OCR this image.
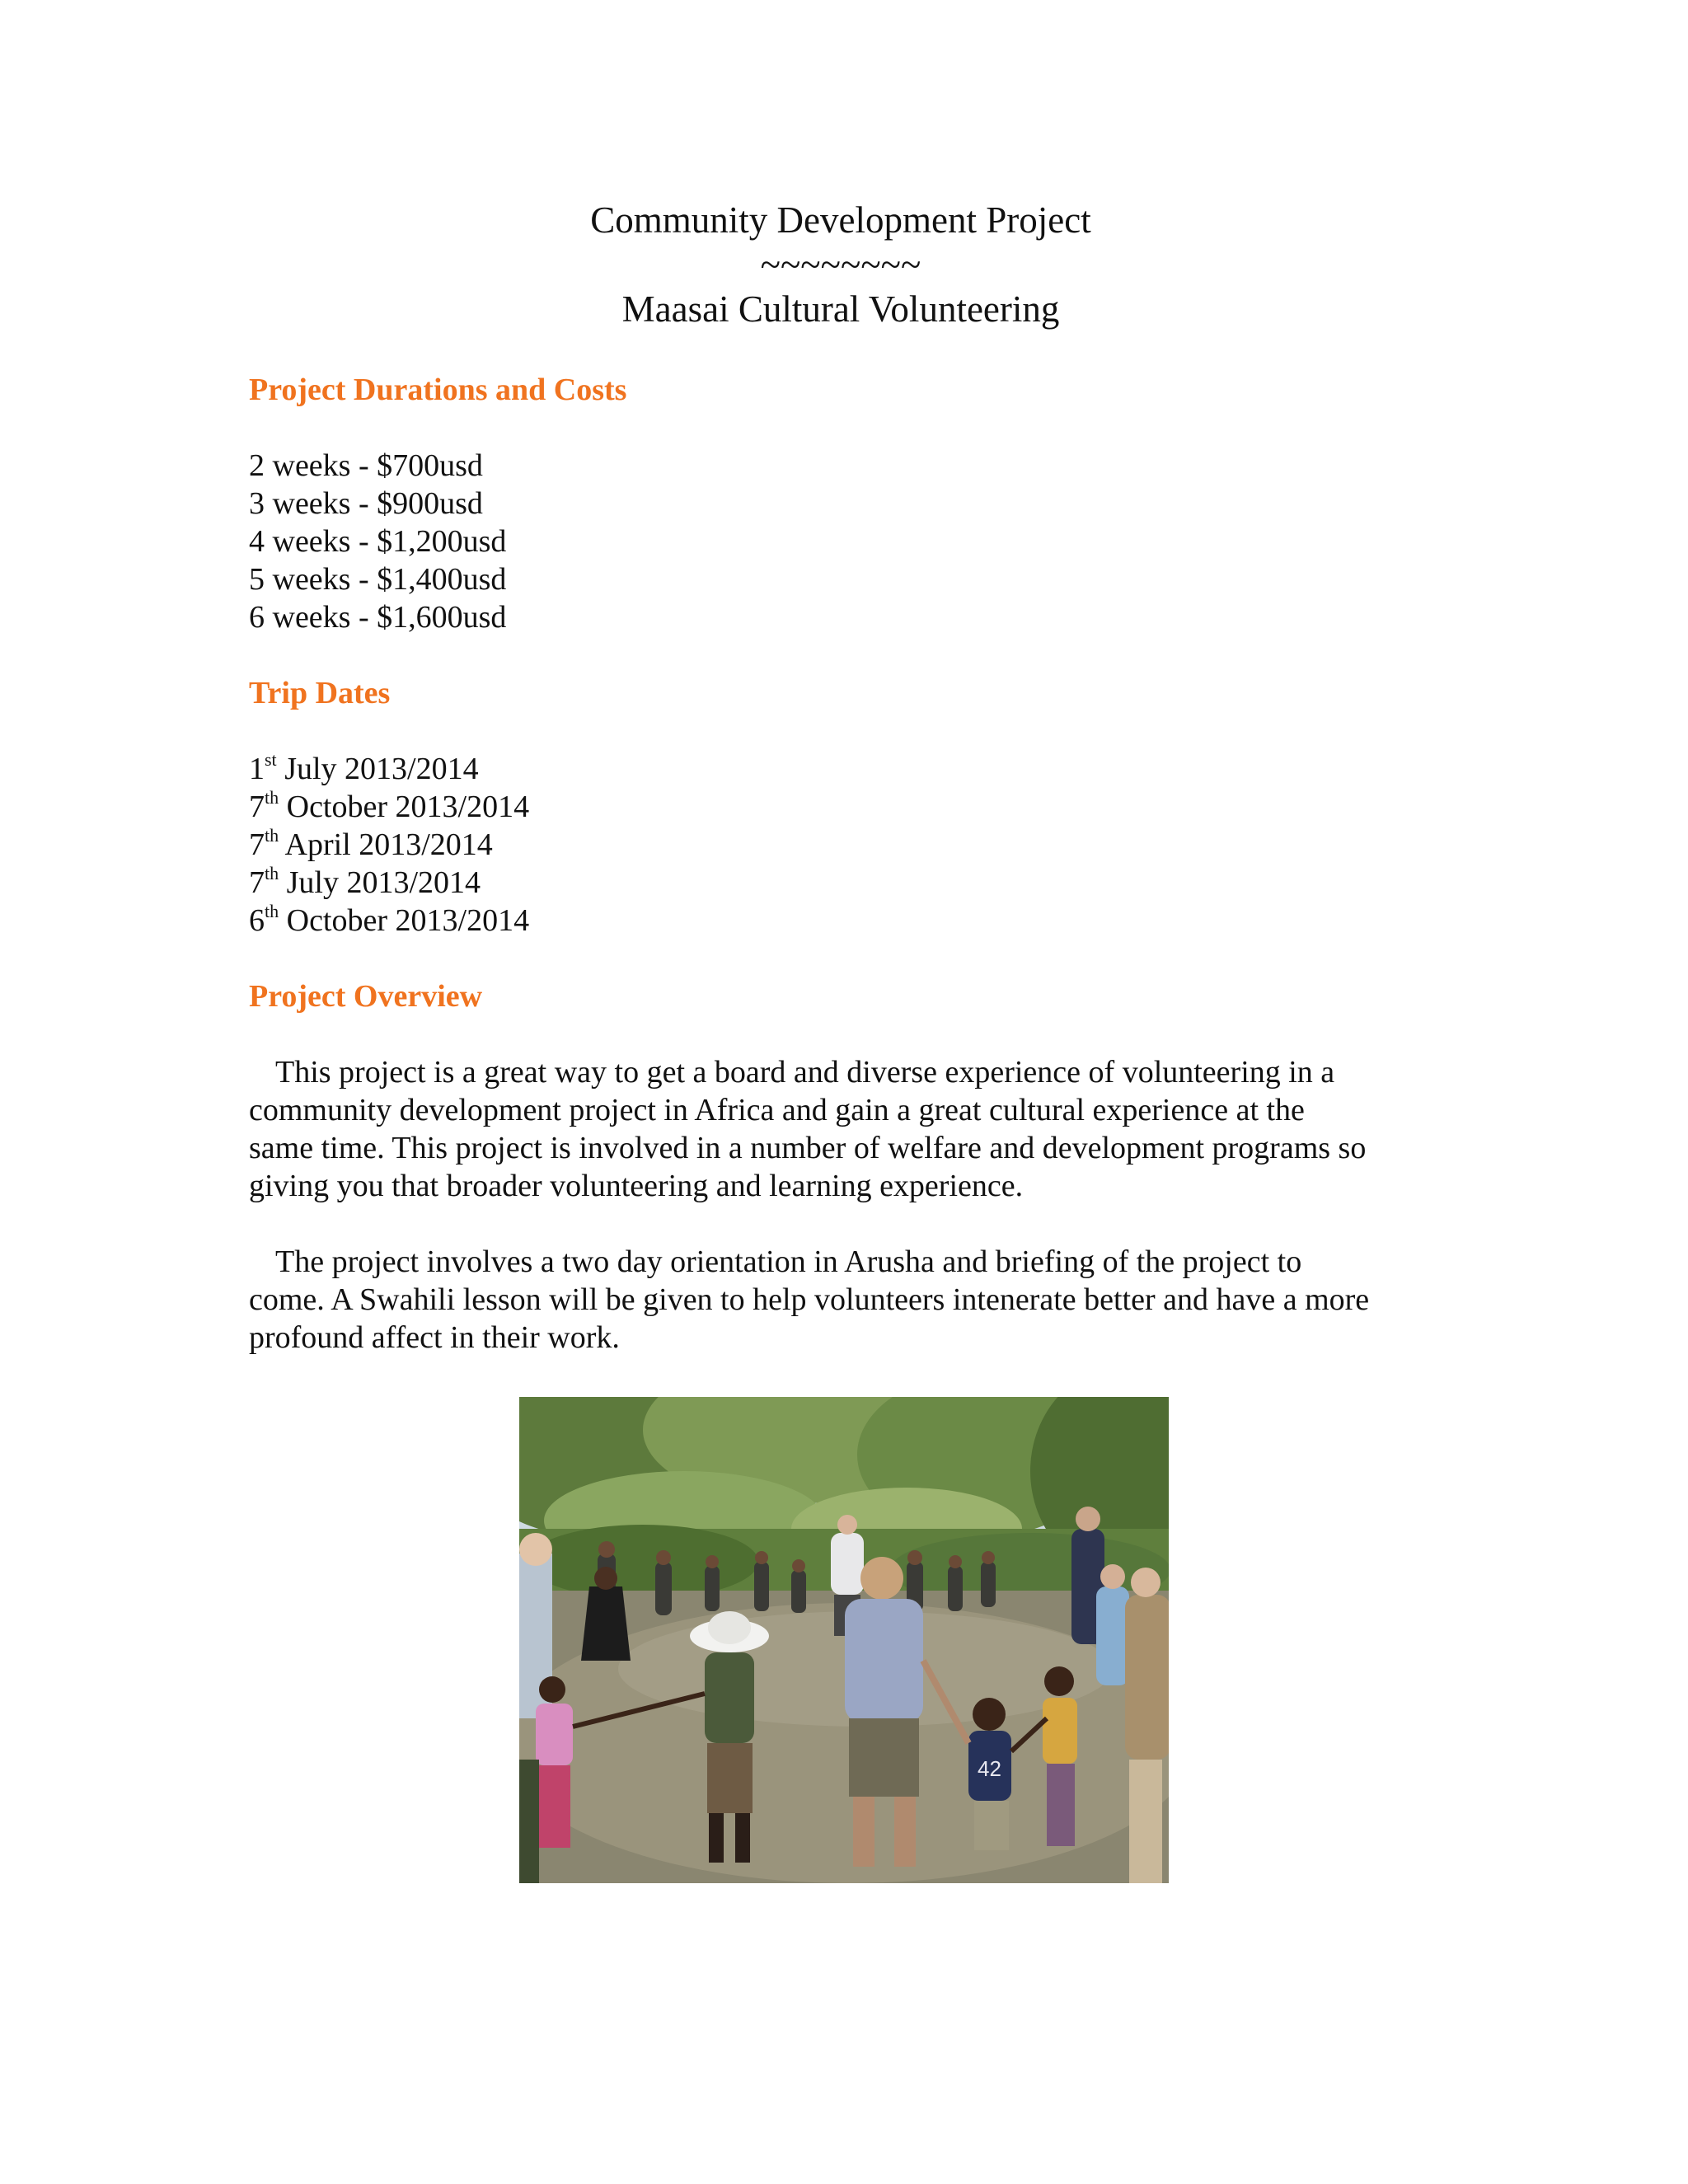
Community Development Project

~~~~~~~~

Maasai Cultural Volunteering

Project Durations and Costs

2 weeks - $700usd

3 weeks - $900usd

4 weeks - $1,200usd

5 weeks - $1,400usd

6 weeks - $1,600usd

Trip Dates

1st July 2013/2014

7th October 2013/2014

7th April 2013/2014

7th July 2013/2014

6th October 2013/2014

Project Overview

This project is a great way to get a board and diverse experience of volunteering in a

community development project in Africa and gain a great cultural experience at the

same time. This project is involved in a number of welfare and development programs so

giving you that broader volunteering and learning experience.

The project involves a two day orientation in Arusha and briefing of the project to

come. A Swahili lesson will be given to help volunteers intenerate better and have a more

profound affect in their work.

42
